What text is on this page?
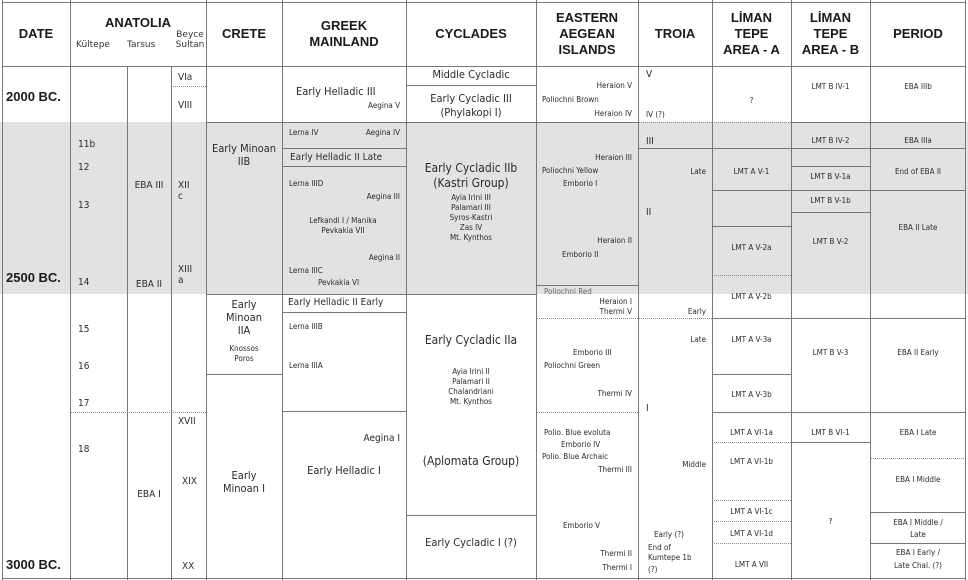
DATE
ANATOLIA
Kültepe Tarsus
Beyce Sultan
CRETE
GREEK MAINLAND
CYCLADES
EASTERN AEGEAN ISLANDS
TROIA
LİMAN TEPE AREA - A
LİMAN TEPE AREA - B
PERIOD
2000 BC.
2500 BC.
3000 BC.
11b
12
13
14
15
16
17
18
EBA III
EBA II
EBA I
VIa
VIII
XII c
XIII a
XVII
XIX
XX
Early Minoan IIB
Early Minoan IIA
Knossos
Poros
Early Minoan I
Early Helladic III
Aegina V
Lerna IV	Aegina IV
Early Helladic II Late
Lerna IIID
Aegina III
Lefkandi I / Manika
Pevkakia VII
Aegina II
Lerna IIIC
Pevkakia VI
Early Helladic II Early
Lerna IIIB
Lerna IIIA
Aegina I
Early Helladic I
Middle Cycladic
Early Cycladic III
(Phylakopi I)
Early Cycladic IIb
(Kastri Group)
Ayia Irini III
Palamari III
Syros-Kastri
Zas IV
Mt. Kynthos
Early Cycladic IIa
Ayia Irini II
Palamari II
Chalandriani
Mt. Kynthos
(Aplomata Group)
Early Cycladic I (?)
Heraion V
Poliochni Brown
Heraion IV
Heraion III
Poliochni Yellow
Emborio I
Heraion II
Emborio II
Poliochni Red
Heraion I
Thermi V
Emborio III
Poliochni Green
Thermi IV
Polio. Blue evoluta
Emborio IV
Polio. Blue Archaic
Thermi III
Emborio V
Thermi II
Thermi I
V
IV (?)
III
II
Late
Early
Late
I
Middle
Early (?)
End of
Kumtepe 1b
(?)
?
LMT A V-1
LMT A V-2a
LMT A V-2b
LMT A V-3a
LMT A V-3b
LMT A VI-1a
LMT A VI-1b
LMT A VI-1c
LMT A VI-1d
LMT A VII
LMT B IV-1
LMT B IV-2
LMT B V-1a
LMT B V-1b
LMT B V-2
LMT B V-3
LMT B VI-1
?
EBA IIIb
EBA IIIa
End of EBA II
EBA II Late
EBA II Early
EBA I Late
EBA I Middle
EBA I Middle /
Late
EBA I Early /
Late Chal. (?)
